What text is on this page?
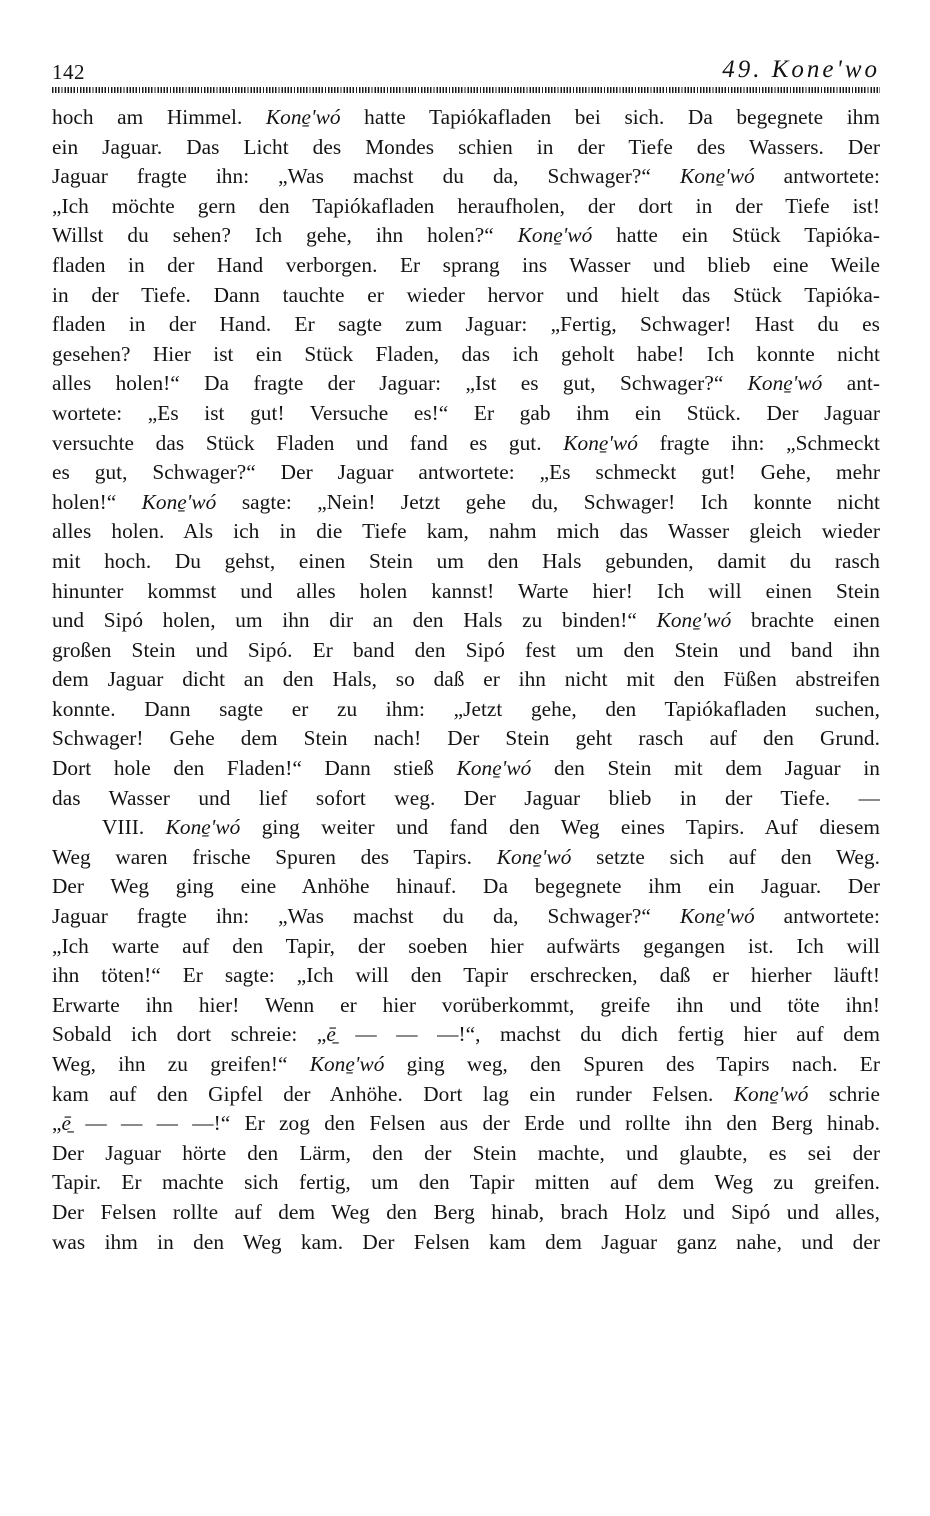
142	49. Kone'wo
hoch am Himmel. Kone̱'wó hatte Tapiókafladen bei sich. Da begegnete ihm
ein Jaguar. Das Licht des Mondes schien in der Tiefe des Wassers. Der
Jaguar fragte ihn: „Was machst du da, Schwager?“ Kone̱'wó antwortete:
„Ich möchte gern den Tapiókafladen heraufholen, der dort in der Tiefe ist!
Willst du sehen? Ich gehe, ihn holen?“ Kone̱'wó hatte ein Stück Tapióka-
fladen in der Hand verborgen. Er sprang ins Wasser und blieb eine Weile
in der Tiefe. Dann tauchte er wieder hervor und hielt das Stück Tapióka-
fladen in der Hand. Er sagte zum Jaguar: „Fertig, Schwager! Hast du es
gesehen? Hier ist ein Stück Fladen, das ich geholt habe! Ich konnte nicht
alles holen!“ Da fragte der Jaguar: „Ist es gut, Schwager?“ Kone̱'wó ant-
wortete: „Es ist gut! Versuche es!“ Er gab ihm ein Stück. Der Jaguar
versuchte das Stück Fladen und fand es gut. Kone̱'wó fragte ihn: „Schmeckt
es gut, Schwager?“ Der Jaguar antwortete: „Es schmeckt gut! Gehe, mehr
holen!“ Kone̱'wó sagte: „Nein! Jetzt gehe du, Schwager! Ich konnte nicht
alles holen. Als ich in die Tiefe kam, nahm mich das Wasser gleich wieder
mit hoch. Du gehst, einen Stein um den Hals gebunden, damit du rasch
hinunter kommst und alles holen kannst! Warte hier! Ich will einen Stein
und Sipó holen, um ihn dir an den Hals zu binden!“ Kone̱'wó brachte einen
großen Stein und Sipó. Er band den Sipó fest um den Stein und band ihn
dem Jaguar dicht an den Hals, so daß er ihn nicht mit den Füßen abstreifen
konnte. Dann sagte er zu ihm: „Jetzt gehe, den Tapiókafladen suchen,
Schwager! Gehe dem Stein nach! Der Stein geht rasch auf den Grund.
Dort hole den Fladen!“ Dann stieß Kone̱'wó den Stein mit dem Jaguar in
das Wasser und lief sofort weg. Der Jaguar blieb in der Tiefe. —
VIII. Kone̱'wó ging weiter und fand den Weg eines Tapirs. Auf diesem
Weg waren frische Spuren des Tapirs. Kone̱'wó setzte sich auf den Weg.
Der Weg ging eine Anhöhe hinauf. Da begegnete ihm ein Jaguar. Der
Jaguar fragte ihn: „Was machst du da, Schwager?“ Kone̱'wó antwortete:
„Ich warte auf den Tapir, der soeben hier aufwärts gegangen ist. Ich will
ihn töten!“ Er sagte: „Ich will den Tapir erschrecken, daß er hierher läuft!
Erwarte ihn hier! Wenn er hier vorüberkommt, greife ihn und töte ihn!
Sobald ich dort schreie: „ē̱ — — —!“, machst du dich fertig hier auf dem
Weg, ihn zu greifen!“ Kone̱'wó ging weg, den Spuren des Tapirs nach. Er
kam auf den Gipfel der Anhöhe. Dort lag ein runder Felsen. Kone̱'wó schrie
„ē̱ — — — —!“ Er zog den Felsen aus der Erde und rollte ihn den Berg hinab.
Der Jaguar hörte den Lärm, den der Stein machte, und glaubte, es sei der
Tapir. Er machte sich fertig, um den Tapir mitten auf dem Weg zu greifen.
Der Felsen rollte auf dem Weg den Berg hinab, brach Holz und Sipó und alles,
was ihm in den Weg kam. Der Felsen kam dem Jaguar ganz nahe, und der
